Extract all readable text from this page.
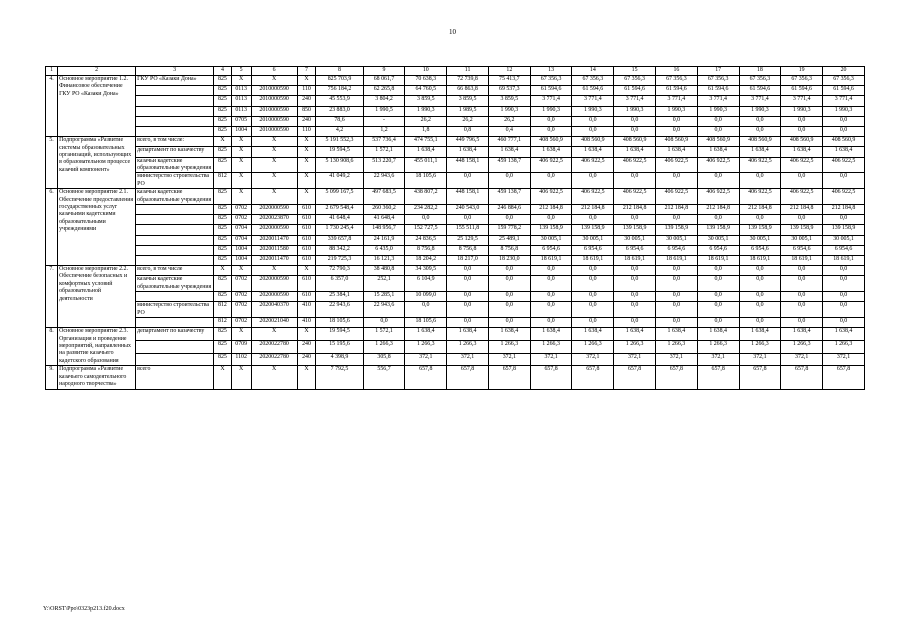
10
1	2	3	4	5	6	7	8	9	10	11	12	13	14	15	16	17	18	19	20
4.	Основное мероприятие 1.2. Финансовое обеспечение ГКУ РО «Казаки Дона»	ГКУ РО «Казаки Дона»	825	Х	Х	Х	825 703,9	68 061,7	70 638,3	72 739,8	75 413,7	67 356,3	67 356,3	67 356,3	67 356,3	67 356,3	67 356,3	67 356,3	67 356,3
			825	0113	2010000590	110	756 184,2	62 265,8	64 760,5	66 863,8	69 537,3	61 594,6	61 594,6	61 594,6	61 594,6	61 594,6	61 594,6	61 594,6	61 594,6
			825	0113	2010000590	240	45 553,9	3 804,2	3 859,5	3 859,5	3 859,5	3 771,4	3 771,4	3 771,4	3 771,4	3 771,4	3 771,4	3 771,4	3 771,4
			825	0113	2010000590	850	23 883,0	1 990,5	1 990,3	1 989,5	1 990,3	1 990,3	1 990,3	1 990,3	1 990,3	1 990,3	1 990,3	1 990,3	1 990,3
			825	0705	2010000590	240	78,6	-	26,2	26,2	26,2	0,0	0,0	0,0	0,0	0,0	0,0	0,0	0,0
			825	1004	2010000590	110	4,2	1,2	1,8	0,8	0,4	0,0	0,0	0,0	0,0	0,0	0,0	0,0	0,0
5.	Подпрограмма «Развитие системы образовательных организаций, использующих в образовательном процессе казачий компонент»	всего, в том числе:	Х	Х	Х	Х	5 191 552,3	537 736,4	474 755,1	449 796,5	460 777,1	408 560,9	408 560,9	408 560,9	408 560,9	408 560,9	408 560,9	408 560,9	408 560,9
		департамент по казачеству	825	Х	Х	Х	19 594,5	1 572,1	1 638,4	1 638,4	1 638,4	1 638,4	1 638,4	1 638,4	1 638,4	1 638,4	1 638,4	1 638,4	1 638,4
		казачьи кадетские образовательные учреждения	825	Х	Х	Х	5 130 908,6	513 220,7	455 011,1	448 158,1	459 138,7	406 922,5	406 922,5	406 922,5	406 922,5	406 922,5	406 922,5	406 922,5	406 922,5
		министерство строительства РО	812	Х	Х	Х	41 049,2	22 943,6	18 105,6	0,0	0,0	0,0	0,0	0,0	0,0	0,0	0,0	0,0	0,0
6.	Основное мероприятие 2.1. Обеспечение предоставления государственных услуг казачьими кадетскими образовательными учреждениями	казачьи кадетские образовательные учреждения	825	Х	Х	Х	5 099 167,5	497 683,5	438 807,2	448 158,1	459 138,7	406 922,5	406 922,5	406 922,5	406 922,5	406 922,5	406 922,5	406 922,5	406 922,5
			825	0702	2020000590	610	2 679 548,4	260 360,2	234 282,2	240 543,0	246 884,6	212 184,8	212 184,8	212 184,8	212 184,8	212 184,8	212 184,8	212 184,8	212 184,8
			825	0702	2020023870	610	41 648,4	41 648,4	0,0	0,0	0,0	0,0	0,0	0,0	0,0	0,0	0,0	0,0	0,0
			825	0704	2020000590	610	1 730 245,4	148 956,7	152 727,5	155 511,8	159 778,2	139 158,9	139 158,9	139 158,9	139 158,9	139 158,9	139 158,9	139 158,9	139 158,9
			825	0704	2020011470	610	339 657,8	24 161,9	24 836,5	25 129,5	25 489,1	30 005,1	30 005,1	30 005,1	30 005,1	30 005,1	30 005,1	30 005,1	30 005,1
			825	1004	2020011580	610	88 342,2	6 435,0	8 756,8	8 756,8	8 756,8	6 954,6	6 954,6	6 954,6	6 954,6	6 954,6	6 954,6	6 954,6	6 954,6
			825	1004	2020011470	610	219 725,3	16 121,3	18 204,2	18 217,0	18 230,0	18 619,1	18 619,1	18 619,1	18 619,1	18 619,1	18 619,1	18 619,1	18 619,1
7.	Основное мероприятие 2.2. Обеспечение безопасных и комфортных условий образовательной деятельности	всего, в том числе	Х	Х	Х	Х	72 790,3	38 480,8	34 309,5	0,0	0,0	0,0	0,0	0,0	0,0	0,0	0,0	0,0	0,0
		казачьи кадетские образовательные учреждения	825	0702	2020000590	610	6 357,0	252,1	6 104,9	0,0	0,0	0,0	0,0	0,0	0,0	0,0	0,0	0,0	0,0
			825	0702	2020000590	610	25 384,1	15 285,1	10 099,0	0,0	0,0	0,0	0,0	0,0	0,0	0,0	0,0	0,0	0,0
		министерство строительства РО	812	0702	2020040370	410	22 943,6	22 943,6	0,0	0,0	0,0	0,0	0,0	0,0	0,0	0,0	0,0	0,0	0,0
			812	0702	2020021040	410	18 105,6	0,0	18 105,6	0,0	0,0	0,0	0,0	0,0	0,0	0,0	0,0	0,0	0,0
8.	Основное мероприятие 2.3. Организация и проведение мероприятий, направленных на развитие казачьего кадетского образования	департамент по казачеству	825	Х	Х	Х	19 594,5	1 572,1	1 638,4	1 638,4	1 638,4	1 638,4	1 638,4	1 638,4	1 638,4	1 638,4	1 638,4	1 638,4	1 638,4
			825	0709	2020022780	240	15 195,6	1 266,3	1 266,3	1 266,3	1 266,3	1 266,3	1 266,3	1 266,3	1 266,3	1 266,3	1 266,3	1 266,3	1 266,3
			825	1102	2020022780	240	4 398,9	305,8	372,1	372,1	372,1	372,1	372,1	372,1	372,1	372,1	372,1	372,1	372,1
9.	Подпрограмма «Развитие казачьего самодеятельного народного творчества»	всего	Х	Х	Х	Х	7 792,5	556,7	657,8	657,8	657,8	657,8	657,8	657,8	657,8	657,8	657,8	657,8	657,8
Y:\ORST\Ppo\0323p213.f20.docx
